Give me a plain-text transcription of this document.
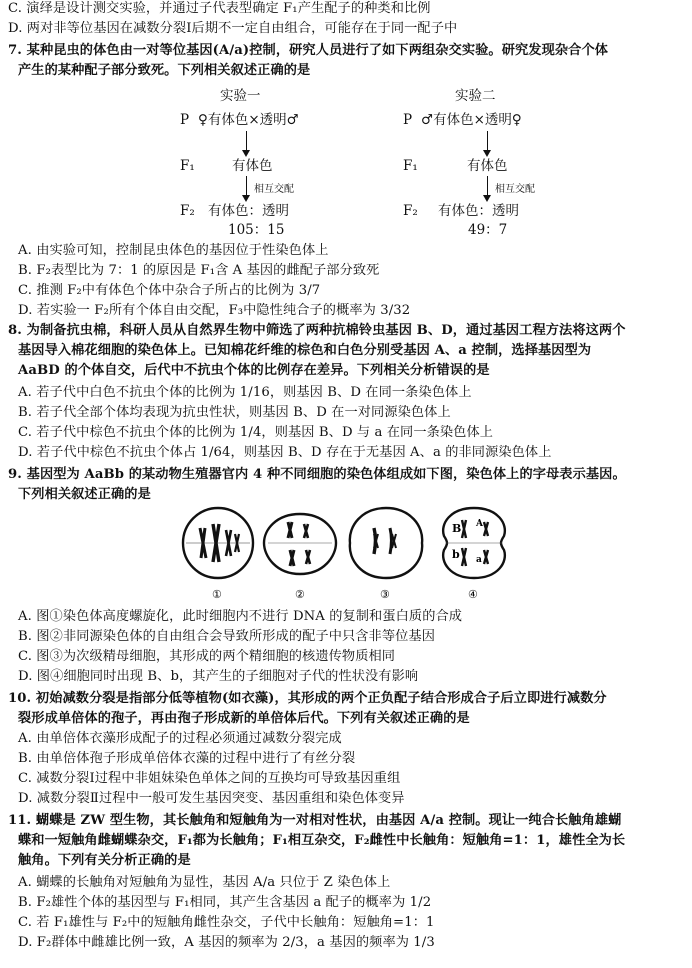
C. 演绎是设计测交实验，并通过子代表型确定 F₁产生配子的种类和比例
D. 两对非等位基因在减数分裂Ⅰ后期不一定自由组合，可能存在于同一配子中
7. 某种昆虫的体色由一对等位基因(A/a)控制，研究人员进行了如下两组杂交实验。研究发现杂合个体
产生的某种配子部分致死。下列相关叙述正确的是
实验一
P ♀有体色×透明♂
F₁	有体色
相互交配
F₂ 有体色：透明
105：15
实验二
P ♂有体色×透明♀
F₁	有体色
相互交配
F₂ 有体色：透明
49：7
A. 由实验可知，控制昆虫体色的基因位于性染色体上
B. F₂表型比为 7：1 的原因是 F₁含 A 基因的雌配子部分致死
C. 推测 F₂中有体色个体中杂合子所占的比例为 3/7
D. 若实验一 F₂所有个体自由交配，F₃中隐性纯合子的概率为 3/32
8. 为制备抗虫棉，科研人员从自然界生物中筛选了两种抗棉铃虫基因 B、D，通过基因工程方法将这两个
基因导入棉花细胞的染色体上。已知棉花纤维的棕色和白色分别受基因 A、a 控制，选择基因型为
AaBD 的个体自交，后代中不抗虫个体的比例存在差异。下列相关分析错误的是
A. 若子代中白色不抗虫个体的比例为 1/16，则基因 B、D 在同一条染色体上
B. 若子代全部个体均表现为抗虫性状，则基因 B、D 在一对同源染色体上
C. 若子代中棕色不抗虫个体的比例为 1/4，则基因 B、D 与 a 在同一条染色体上
D. 若子代中棕色不抗虫个体占 1/64，则基因 B、D 存在于无基因 A、a 的非同源染色体上
9. 基因型为 AaBb 的某动物生殖器官内 4 种不同细胞的染色体组成如下图，染色体上的字母表示基因。
下列相关叙述正确的是
B A
b a
①	②	③	④
A. 图①染色体高度螺旋化，此时细胞内不进行 DNA 的复制和蛋白质的合成
B. 图②非同源染色体的自由组合会导致所形成的配子中只含非等位基因
C. 图③为次级精母细胞，其形成的两个精细胞的核遗传物质相同
D. 图④细胞同时出现 B、b，其产生的子细胞对子代的性状没有影响
10. 初始减数分裂是指部分低等植物(如衣藻)，其形成的两个正负配子结合形成合子后立即进行减数分
裂形成单倍体的孢子，再由孢子形成新的单倍体后代。下列有关叙述正确的是
A. 由单倍体衣藻形成配子的过程必须通过减数分裂完成
B. 由单倍体孢子形成单倍体衣藻的过程中进行了有丝分裂
C. 减数分裂Ⅰ过程中非姐妹染色单体之间的互换均可导致基因重组
D. 减数分裂Ⅱ过程中一般可发生基因突变、基因重组和染色体变异
11. 蝴蝶是 ZW 型生物，其长触角和短触角为一对相对性状，由基因 A/a 控制。现让一纯合长触角雄蝴
蝶和一短触角雌蝴蝶杂交，F₁都为长触角；F₁相互杂交，F₂雌性中长触角：短触角=1：1，雄性全为长
触角。下列有关分析正确的是
A. 蝴蝶的长触角对短触角为显性，基因 A/a 只位于 Z 染色体上
B. F₂雄性个体的基因型与 F₁相同，其产生含基因 a 配子的概率为 1/2
C. 若 F₁雄性与 F₂中的短触角雌性杂交，子代中长触角：短触角=1：1
D. F₂群体中雌雄比例一致，A 基因的频率为 2/3，a 基因的频率为 1/3
